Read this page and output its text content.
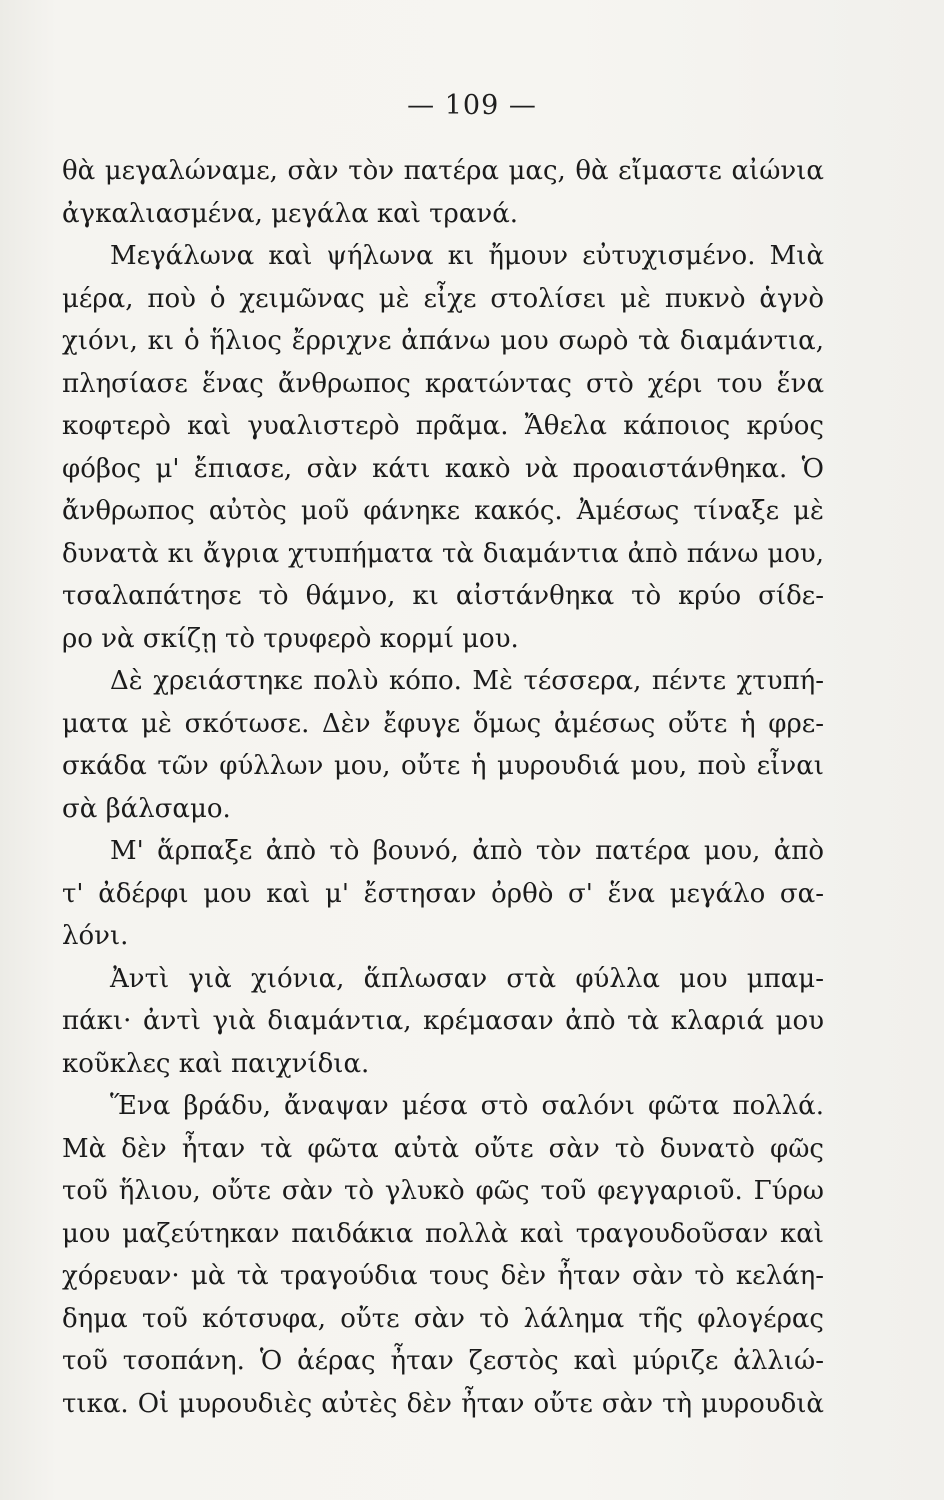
— 109 —
θὰ μεγαλώναμε, σὰν τὸν πατέρα μας, θὰ εἴμαστε αἰώνια
ἀγκαλιασμένα, μεγάλα καὶ τρανά.
Μεγάλωνα καὶ ψήλωνα κι ἤμουν εὐτυχισμένο. Μιὰ
μέρα, ποὺ ὁ χειμῶνας μὲ εἶχε στολίσει μὲ πυκνὸ ἁγνὸ
χιόνι, κι ὁ ἥλιος ἔρριχνε ἀπάνω μου σωρὸ τὰ διαμάντια,
πλησίασε ἕνας ἄνθρωπος κρατώντας στὸ χέρι του ἕνα
κοφτερὸ καὶ γυαλιστερὸ πρᾶμα. Ἄθελα κάποιος κρύος
φόβος μ' ἔπιασε, σὰν κάτι κακὸ νὰ προαιστάνθηκα. Ὁ
ἄνθρωπος αὐτὸς μοῦ φάνηκε κακός. Ἀμέσως τίναξε μὲ
δυνατὰ κι ἄγρια χτυπήματα τὰ διαμάντια ἀπὸ πάνω μου,
τσαλαπάτησε τὸ θάμνο, κι αἰστάνθηκα τὸ κρύο σίδε-
ρο νὰ σκίζῃ τὸ τρυφερὸ κορμί μου.
Δὲ χρειάστηκε πολὺ κόπο. Μὲ τέσσερα, πέντε χτυπή-
ματα μὲ σκότωσε. Δὲν ἔφυγε ὅμως ἀμέσως οὔτε ἡ φρε-
σκάδα τῶν φύλλων μου, οὔτε ἡ μυρουδιά μου, ποὺ εἶναι
σὰ βάλσαμο.
Μ' ἅρπαξε ἀπὸ τὸ βουνό, ἀπὸ τὸν πατέρα μου, ἀπὸ
τ' ἀδέρφι μου καὶ μ' ἔστησαν ὀρθὸ σ' ἕνα μεγάλο σα-
λόνι.
Ἀντὶ γιὰ χιόνια, ἅπλωσαν στὰ φύλλα μου μπαμ-
πάκι· ἀντὶ γιὰ διαμάντια, κρέμασαν ἀπὸ τὰ κλαριά μου
κοῦκλες καὶ παιχνίδια.
Ἕνα βράδυ, ἄναψαν μέσα στὸ σαλόνι φῶτα πολλά.
Μὰ δὲν ἦταν τὰ φῶτα αὐτὰ οὔτε σὰν τὸ δυνατὸ φῶς
τοῦ ἥλιου, οὔτε σὰν τὸ γλυκὸ φῶς τοῦ φεγγαριοῦ. Γύρω
μου μαζεύτηκαν παιδάκια πολλὰ καὶ τραγουδοῦσαν καὶ
χόρευαν· μὰ τὰ τραγούδια τους δὲν ἦταν σὰν τὸ κελάη-
δημα τοῦ κότσυφα, οὔτε σὰν τὸ λάλημα τῆς φλογέρας
τοῦ τσοπάνη. Ὁ ἀέρας ἦταν ζεστὸς καὶ μύριζε ἀλλιώ-
τικα. Οἱ μυρουδιὲς αὐτὲς δὲν ἦταν οὔτε σὰν τὴ μυρουδιὰ
